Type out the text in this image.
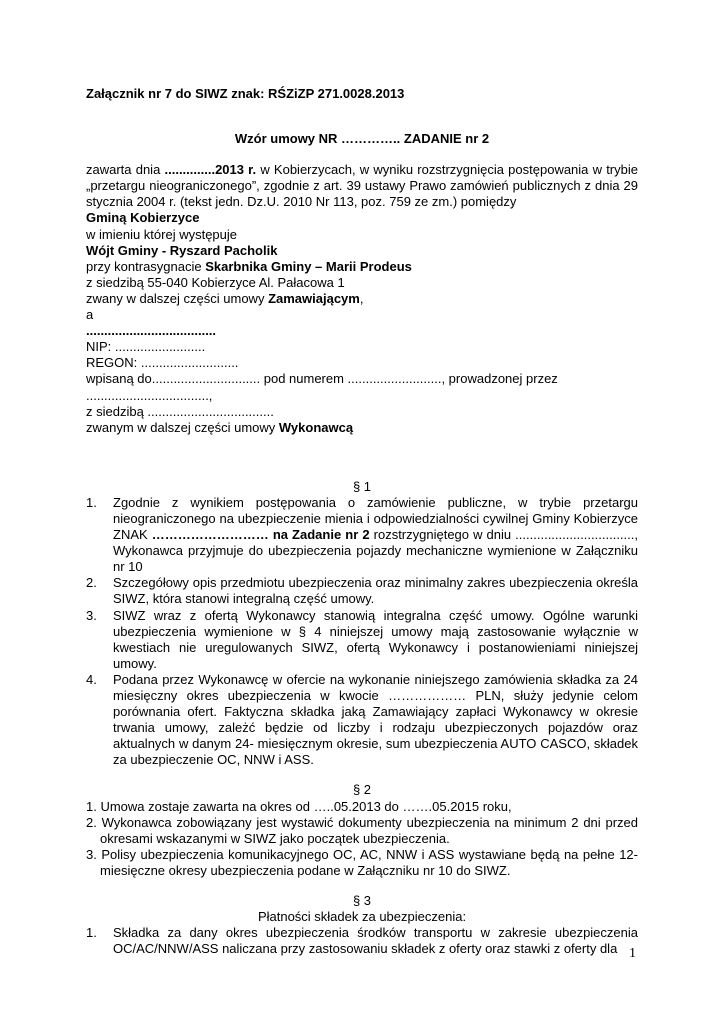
Załącznik nr 7 do SIWZ znak: RŚZiZP 271.0028.2013

Wzór umowy NR ………….. ZADANIE nr 2

zawarta dnia ..............2013 r. w Kobierzycach, w wyniku rozstrzygnięcia postępowania w trybie „przetargu nieograniczonego”, zgodnie z art. 39 ustawy Prawo zamówień publicznych z dnia 29 stycznia 2004 r. (tekst jedn. Dz.U. 2010 Nr 113, poz. 759 ze zm.) pomiędzy

Gminą Kobierzyce

w imieniu której występuje

Wójt Gminy - Ryszard Pacholik

przy kontrasygnacie Skarbnika Gminy – Marii Prodeus

z siedzibą 55-040 Kobierzyce Al. Pałacowa 1

zwany w dalszej części umowy Zamawiającym,

a

....................................

NIP: .........................

REGON: ...........................

wpisaną do.............................. pod numerem .........................., prowadzonej przez

..................................,

z siedzibą ...................................

zwanym w dalszej części umowy Wykonawcą

§ 1

1. Zgodnie z wynikiem postępowania o zamówienie publiczne, w trybie przetargu nieograniczonego na ubezpieczenie mienia i odpowiedzialności cywilnej Gminy Kobierzyce ZNAK ……………………… na Zadanie nr 2 rozstrzygniętego w dniu ................................., Wykonawca przyjmuje do ubezpieczenia pojazdy mechaniczne wymienione w Załączniku nr 10
2. Szczegółowy opis przedmiotu ubezpieczenia oraz minimalny zakres ubezpieczenia określa SIWZ, która stanowi integralną część umowy.
3. SIWZ wraz z ofertą Wykonawcy stanowią integralna część umowy. Ogólne warunki ubezpieczenia wymienione w § 4 niniejszej umowy mają zastosowanie wyłącznie w kwestiach nie uregulowanych SIWZ, ofertą Wykonawcy i postanowieniami niniejszej umowy.
4. Podana przez Wykonawcę w ofercie na wykonanie niniejszego zamówienia składka za 24 miesięczny okres ubezpieczenia w kwocie ……………… PLN, służy jedynie celom porównania ofert. Faktyczna składka jaką Zamawiający zapłaci Wykonawcy w okresie trwania umowy, zależć będzie od liczby i rodzaju ubezpieczonych pojazdów oraz aktualnych w danym 24- miesięcznym okresie, sum ubezpieczenia AUTO CASCO, składek za ubezpieczenie OC, NNW i ASS.

§ 2

1. Umowa zostaje zawarta na okres od …..05.2013 do …….05.2015 roku,

2. Wykonawca zobowiązany jest wystawić dokumenty ubezpieczenia na minimum 2 dni przed okresami wskazanymi w SIWZ jako początek ubezpieczenia.

3. Polisy ubezpieczenia komunikacyjnego OC, AC, NNW i ASS wystawiane będą na pełne 12-miesięczne okresy ubezpieczenia podane w Załączniku nr 10 do SIWZ.

§ 3

Płatności składek za ubezpieczenia:

1. Składka za dany okres ubezpieczenia środków transportu w zakresie ubezpieczenia OC/AC/NNW/ASS naliczana przy zastosowaniu składek z oferty oraz stawki z oferty dla 1
